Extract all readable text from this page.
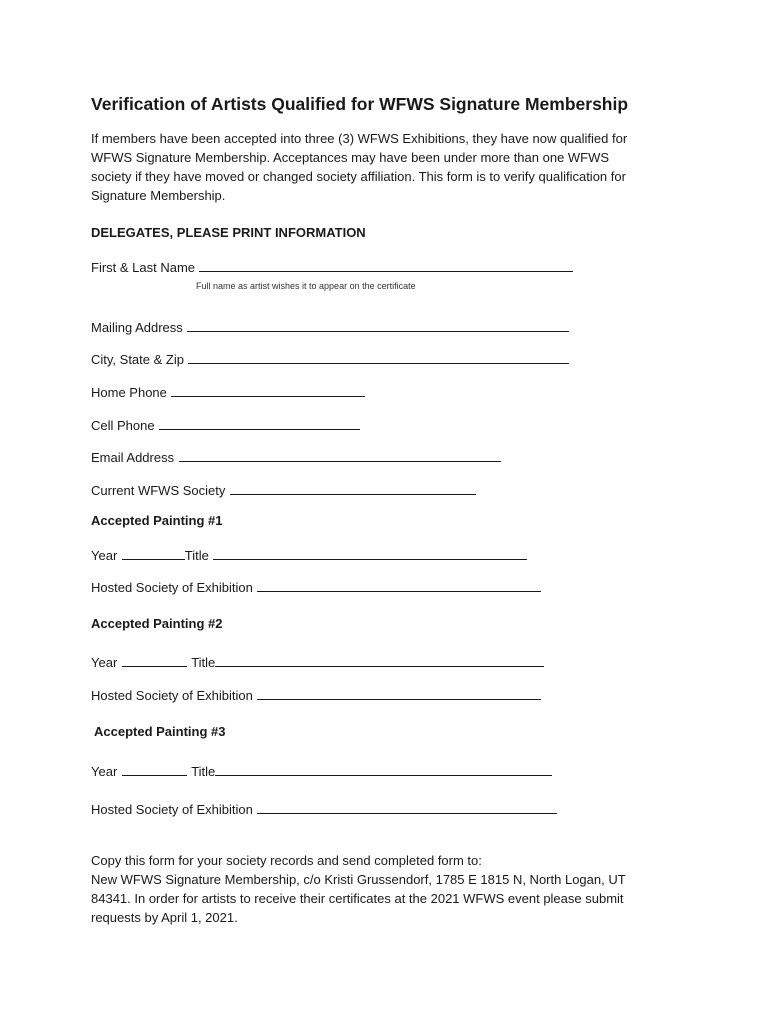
Verification of Artists Qualified for WFWS Signature Membership
If members have been accepted into three (3) WFWS Exhibitions, they have now qualified for
WFWS Signature Membership. Acceptances may have been under more than one WFWS
society if they have moved or changed society affiliation. This form is to verify qualification for
Signature Membership.
DELEGATES, PLEASE PRINT INFORMATION
First & Last Name
Full name as artist wishes it to appear on the certificate
Mailing Address
City, State & Zip
Home Phone
Cell Phone
Email Address
Current WFWS Society
Accepted Painting #1
Year	Title
Hosted Society of Exhibition
Accepted Painting #2
Year	Title
Hosted Society of Exhibition
Accepted Painting #3
Year	Title
Hosted Society of Exhibition
Copy this form for your society records and send completed form to:
New WFWS Signature Membership, c/o Kristi Grussendorf, 1785 E 1815 N, North Logan, UT
84341. In order for artists to receive their certificates at the 2021 WFWS event please submit
requests by April 1, 2021.
